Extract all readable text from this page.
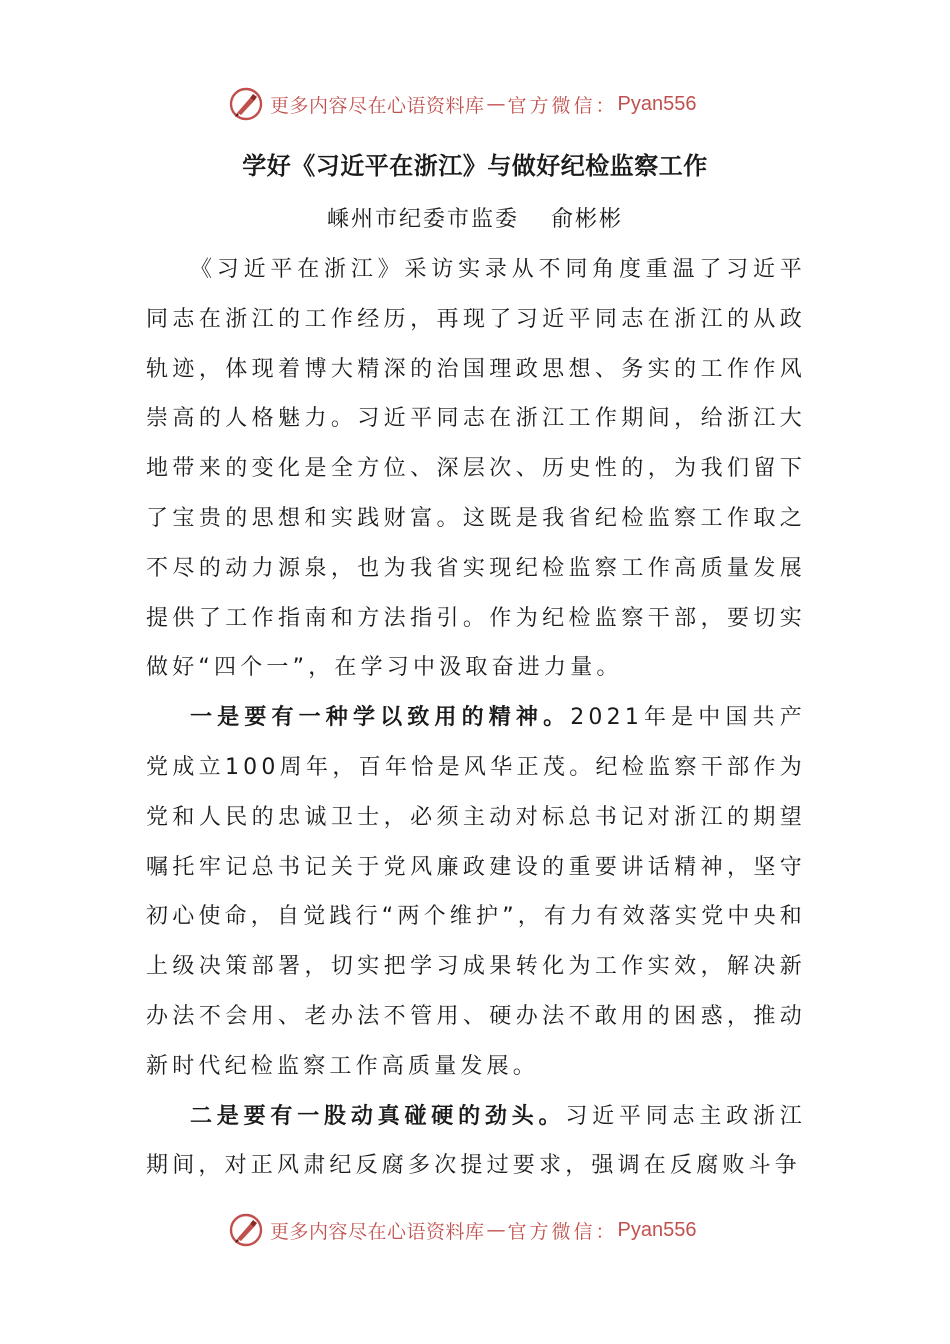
更多内容尽在心语资料库 — 官方微信： Pyan556
学好《习近平在浙江》与做好纪检监察工作
嵊州市纪委市监委 俞彬彬

《习近平在浙江》采访实录从不同角度重温了习近平同志在浙江的工作经历，再现了习近平同志在浙江的从政轨迹，体现着博大精深的治国理政思想、务实的工作作风崇高的人格魅力。习近平同志在浙江工作期间，给浙江大地带来的变化是全方位、深层次、历史性的，为我们留下了宝贵的思想和实践财富。这既是我省纪检监察工作取之不尽的动力源泉，也为我省实现纪检监察工作高质量发展提供了工作指南和方法指引。作为纪检监察干部，要切实做好“四个一”，在学习中汲取奋进力量。

一是要有一种学以致用的精神。2021年是中国共产党成立100周年，百年恰是风华正茂。纪检监察干部作为党和人民的忠诚卫士，必须主动对标总书记对浙江的期望嘱托牢记总书记关于党风廉政建设的重要讲话精神，坚守初心使命，自觉践行“两个维护”，有力有效落实党中央和上级决策部署，切实把学习成果转化为工作实效，解决新办法不会用、老办法不管用、硬办法不敢用的困惑，推动新时代纪检监察工作高质量发展。

二是要有一股动真碰硬的劲头。习近平同志主政浙江期间，对正风肃纪反腐多次提过要求，强调在反腐败斗争

更多内容尽在心语资料库 — 官方微信： Pyan556
